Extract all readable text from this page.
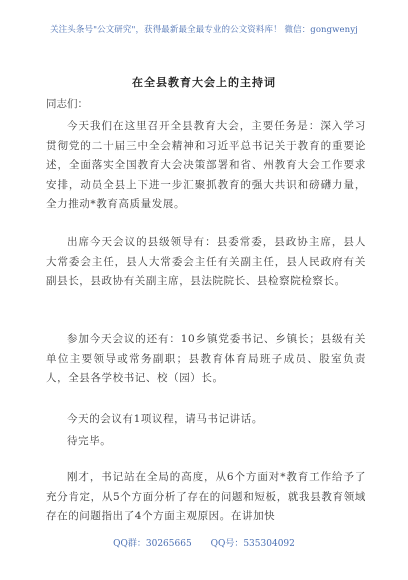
关注头条号"公文研究"，获得最新最全最专业的公文资料库！ 微信：gongwenyj
在全县教育大会上的主持词
同志们：
今天我们在这里召开全县教育大会，主要任务是：深入学习贯彻党的二十届三中全会精神和习近平总书记关于教育的重要论述，全面落实全国教育大会决策部署和省、州教育大会工作要求安排，动员全县上下进一步汇聚抓教育的强大共识和磅礴力量，全力推动*教育高质量发展。
出席今天会议的县级领导有：县委常委，县政协主席，县人大常委会主任，县人大常委会主任有关副主任，县人民政府有关副县长，县政协有关副主席，县法院院长、县检察院检察长。
参加今天会议的还有：10乡镇党委书记、乡镇长；县级有关单位主要领导或常务副职；县教育体育局班子成员、股室负责人，全县各学校书记、校（园）长。
今天的会议有1项议程，请马书记讲话。
待完毕。
刚才，书记站在全局的高度，从6个方面对*教育工作给予了充分肯定，从5个方面分析了存在的问题和短板，就我县教育领域存在的问题指出了4个方面主观原因。在讲加快
QQ群：30265665 QQ号：535304092
